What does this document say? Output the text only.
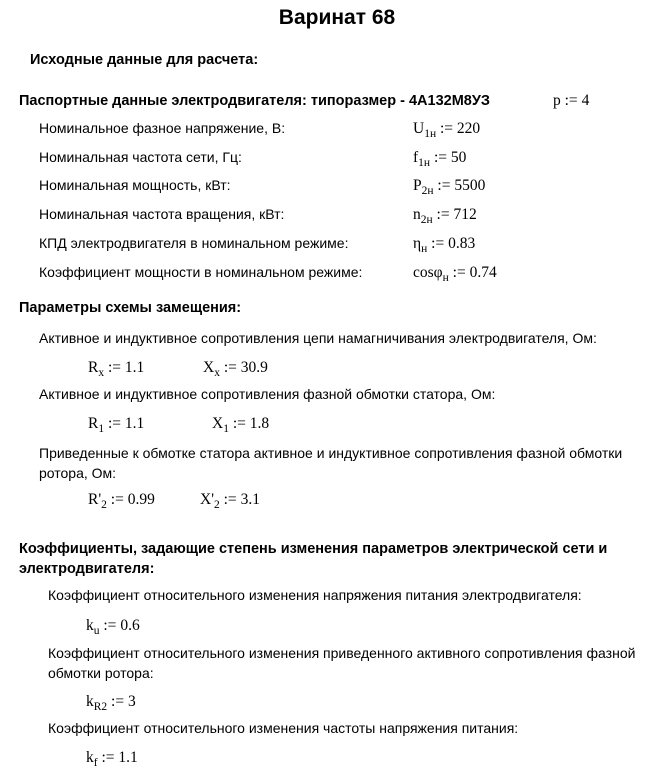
Варинат 68
Исходные данные для расчета:
Паспортные данные электродвигателя: типоразмер - 4А132М8УЗ	p := 4
Номинальное фазное напряжение, В:	$U_{1н}$ := 220
Номинальная частота сети, Гц:	$f_{1н}$ := 50
Номинальная мощность, кВт:	$P_{2н}$ := 5500
Номинальная частота вращения, кВт:	$n_{2н}$ := 712
КПД электродвигателя в номинальном режиме:	$\eta_н$ := 0.83
Коэффициент мощности в номинальном режиме:	cosφ$_н$ := 0.74
Параметры схемы замещения:
Активное и индуктивное сопротивления цепи намагничивания электродвигателя, Ом:
$R_x$ := 1.1	$X_x$ := 30.9
Активное и индуктивное сопротивления фазной обмотки статора, Ом:
$R_1$ := 1.1	$X_1$ := 1.8
Приведенные к обмотке статора активное и индуктивное сопротивления фазной обмотки ротора, Ом:
$R'_2$ := 0.99	$X'_2$ := 3.1
Коэффициенты, задающие степень изменения параметров электрической сети и электродвигателя:
Коэффициент относительного изменения напряжения питания электродвигателя:
$k_u$ := 0.6
Коэффициент относительного изменения приведенного активного сопротивления фазной обмотки ротора:
$k_{R2}$ := 3
Коэффициент относительного изменения частоты напряжения питания:
$k_f$ := 1.1
